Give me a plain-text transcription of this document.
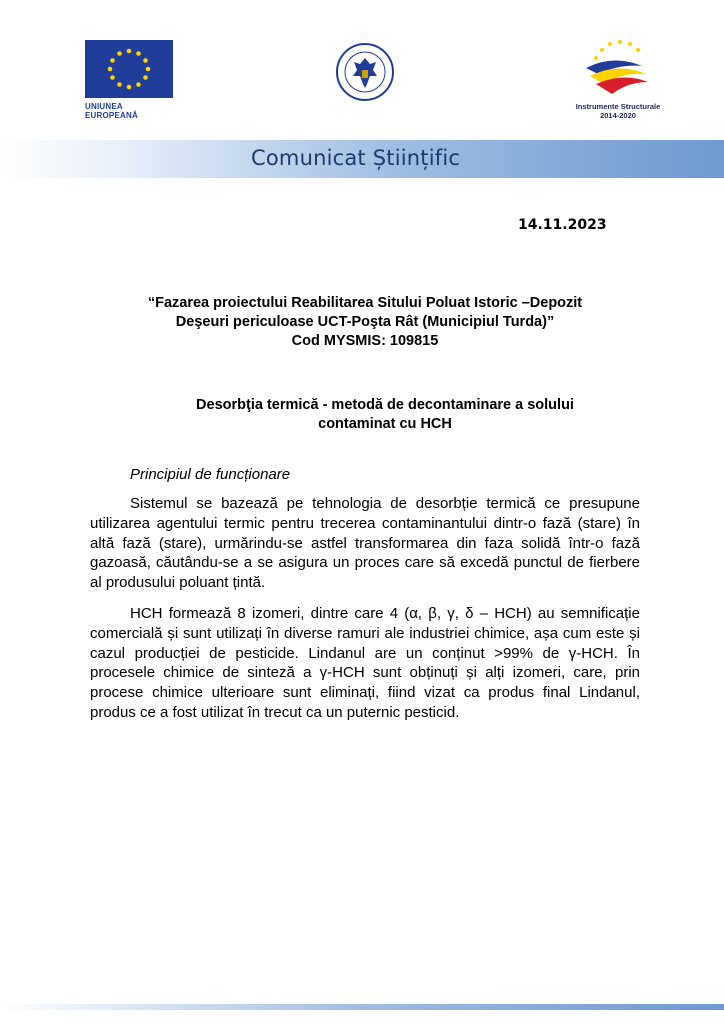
UNIUNEA EUROPEANĂ
Instrumente Structurale
2014-2020
Comunicat Științific
14.11.2023
“Fazarea proiectului Reabilitarea Sitului Poluat Istoric –Depozit
Deşeuri periculoase UCT-Poşta Rât (Municipiul Turda)”
Cod MYSMIS: 109815
Desorbţia termică - metodă de decontaminare a solului
contaminat cu HCH
Principiul de funcționare

Sistemul se bazează pe tehnologia de desorbție termică ce presupune utilizarea agentului termic pentru trecerea contaminantului dintr-o fază (stare) în altă fază (stare), urmărindu-se astfel transformarea din faza solidă într-o fază gazoasă, căutându-se a se asigura un proces care să excedă punctul de fierbere al produsului poluant țintă.

HCH formează 8 izomeri, dintre care 4 (α, β, γ, δ – HCH) au semnificație comercială și sunt utilizați în diverse ramuri ale industriei chimice, așa cum este și cazul producției de pesticide. Lindanul are un conținut >99% de γ-HCH. În procesele chimice de sinteză a γ-HCH sunt obținuți și alți izomeri, care, prin procese chimice ulterioare sunt eliminați, fiind vizat ca produs final Lindanul, produs ce a fost utilizat în trecut ca un puternic pesticid.
